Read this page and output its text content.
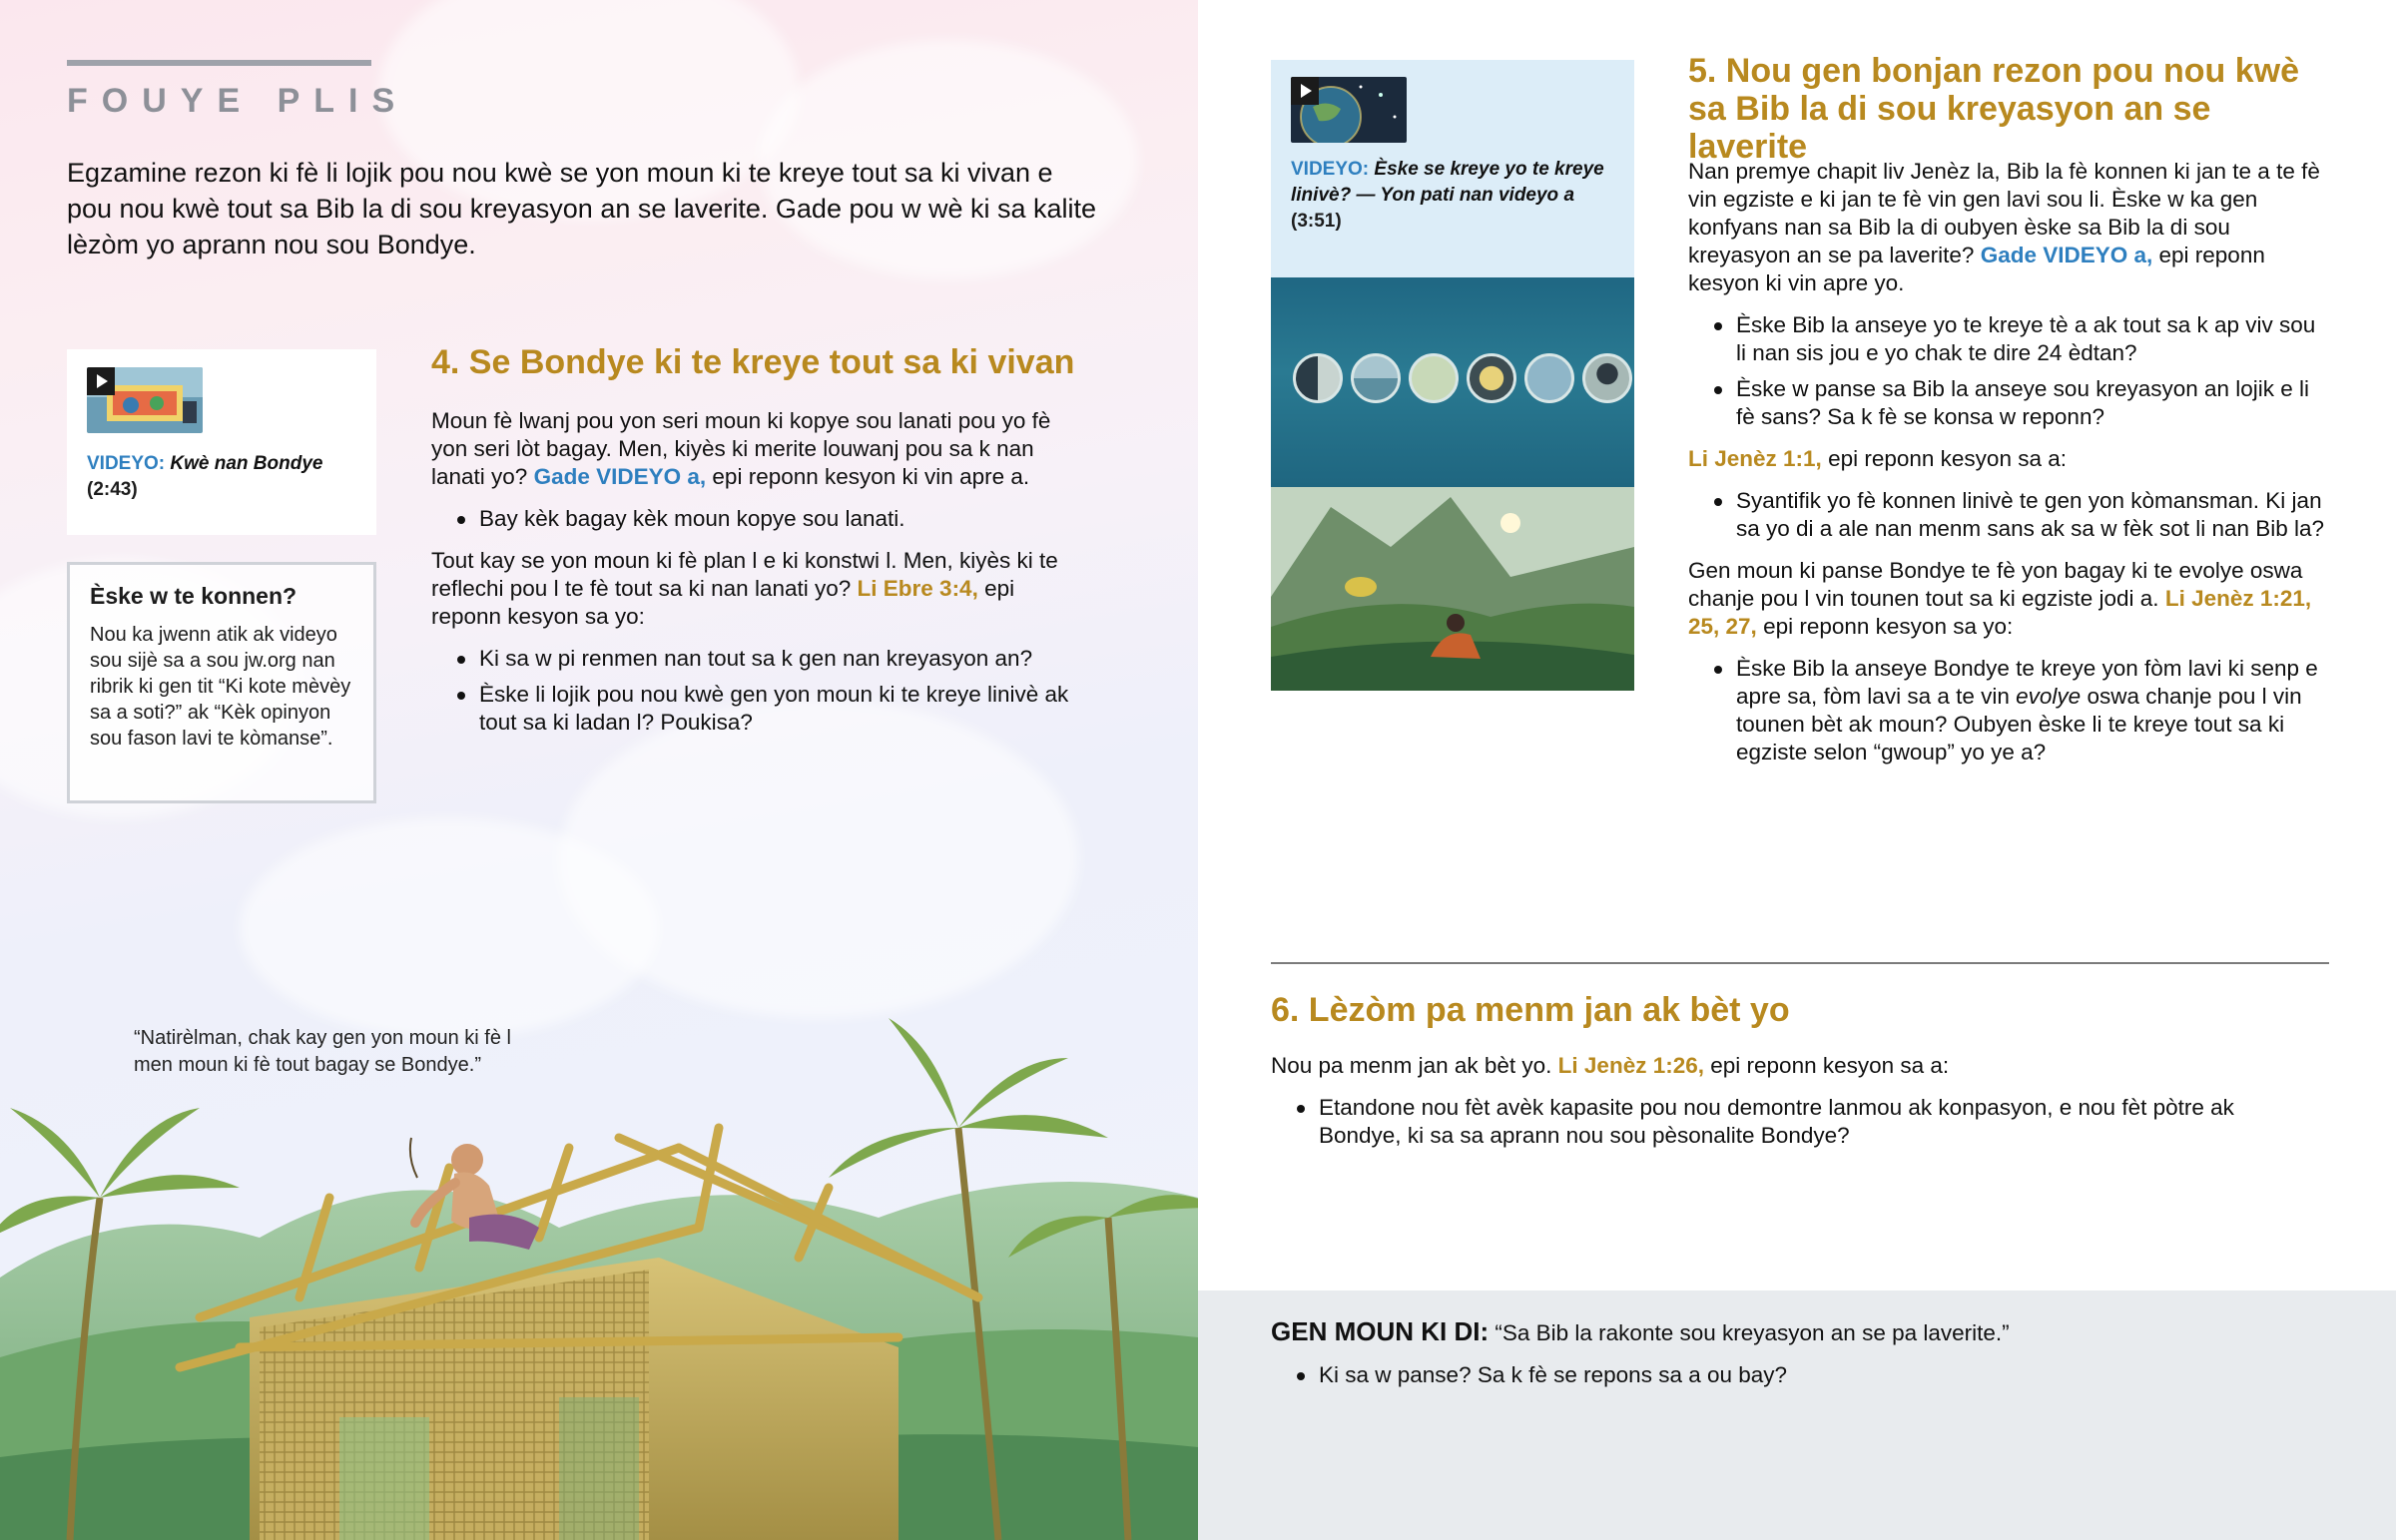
FOUYE PLIS

Egzamine rezon ki fè li lojik pou nou kwè se yon moun ki te kreye tout sa ki vivan e pou nou kwè tout sa Bib la di sou kreyasyon an se laverite. Gade pou w wè ki sa kalite lèzòm yo aprann nou sou Bondye.

VIDEYO: Kwè nan Bondye
(2:43)
Èske w te konnen?

Nou ka jwenn atik ak videyo sou sijè sa a sou jw.org nan ribrik ki gen tit “Ki kote mèvèy sa a soti?” ak “Kèk opinyon sou fason lavi te kòmanse”.

4. Se Bondye ki te kreye tout sa ki vivan

Moun fè lwanj pou yon seri moun ki kopye sou lanati pou yo fè yon seri lòt bagay. Men, kiyès ki merite louwanj pou sa k nan lanati yo? Gade VIDEYO a, epi reponn kesyon ki vin apre a.

Bay kèk bagay kèk moun kopye sou lanati.

Tout kay se yon moun ki fè plan l e ki konstwi l. Men, kiyès ki te reflechi pou l te fè tout sa ki nan lanati yo? Li Ebre 3:4, epi reponn kesyon sa yo:

Ki sa w pi renmen nan tout sa k gen nan kreyasyon an?
Èske li lojik pou nou kwè gen yon moun ki te kreye linivè ak tout sa ki ladan l? Poukisa?

“Natirèlman, chak kay gen yon moun ki fè l men moun ki fè tout bagay se Bondye.”

VIDEYO: Èske se kreye yo te kreye linivè? — Yon pati nan videyo a
(3:51)
5. Nou gen bonjan rezon pou nou kwè sa Bib la di sou kreyasyon an se laverite

Nan premye chapit liv Jenèz la, Bib la fè konnen ki jan te a te fè vin egziste e ki jan te fè vin gen lavi sou li. Èske w ka gen konfyans nan sa Bib la di oubyen èske sa Bib la di sou kreyasyon an se pa laverite? Gade VIDEYO a, epi reponn kesyon ki vin apre yo.

Èske Bib la anseye yo te kreye tè a ak tout sa k ap viv sou li nan sis jou e yo chak te dire 24 èdtan?
Èske w panse sa Bib la anseye sou kreyasyon an lojik e li fè sans? Sa k fè se konsa w reponn?

Li Jenèz 1:1, epi reponn kesyon sa a:

Syantifik yo fè konnen linivè te gen yon kòmansman. Ki jan sa yo di a ale nan menm sans ak sa w fèk sot li nan Bib la?

Gen moun ki panse Bondye te fè yon bagay ki te evolye oswa chanje pou l vin tounen tout sa ki egziste jodi a. Li Jenèz 1:21, 25, 27, epi reponn kesyon sa yo:

Èske Bib la anseye Bondye te kreye yon fòm lavi ki senp e apre sa, fòm lavi sa a te vin evolye oswa chanje pou l vin tounen bèt ak moun? Oubyen èske li te kreye tout sa ki egziste selon “gwoup” yo ye a?
6. Lèzòm pa menm jan ak bèt yo

Nou pa menm jan ak bèt yo. Li Jenèz 1:26, epi reponn kesyon sa a:

Etandone nou fèt avèk kapasite pou nou demontre lanmou ak konpasyon, e nou fèt pòtre ak Bondye, ki sa sa aprann nou sou pèsonalite Bondye?

GEN MOUN KI DI: “Sa Bib la rakonte sou kreyasyon an se pa laverite.”

Ki sa w panse? Sa k fè se repons sa a ou bay?
